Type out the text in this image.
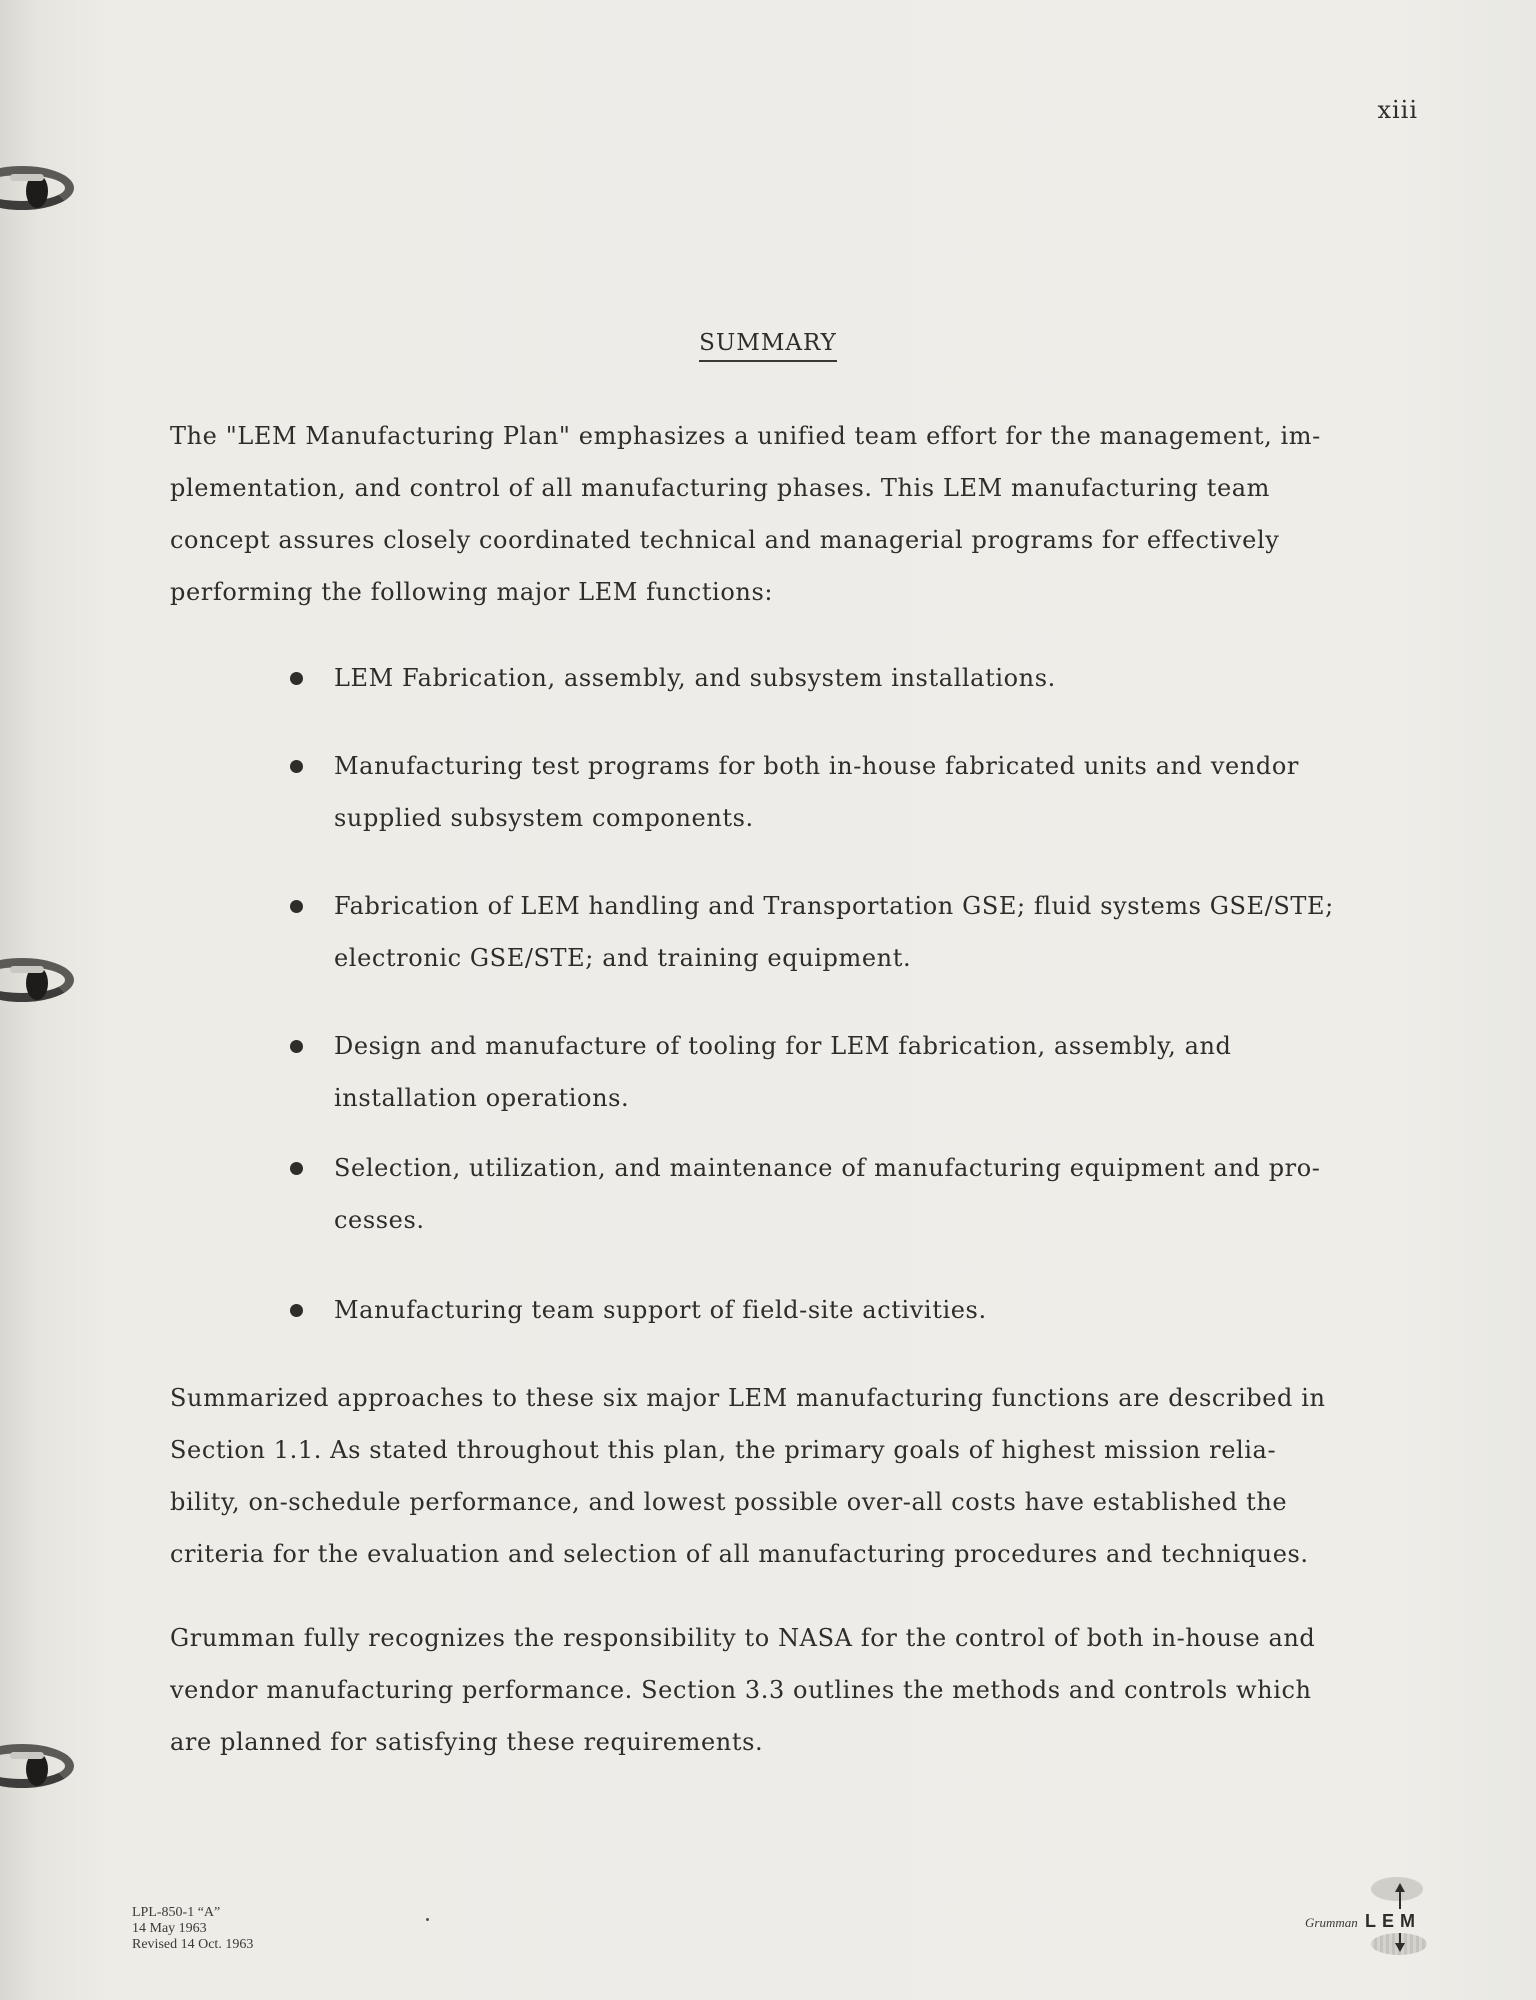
xiii
SUMMARY

The "LEM Manufacturing Plan" emphasizes a unified team effort for the management, im-
plementation, and control of all manufacturing phases. This LEM manufacturing team
concept assures closely coordinated technical and managerial programs for effectively
performing the following major LEM functions:

LEM Fabrication, assembly, and subsystem installations.
Manufacturing test programs for both in-house fabricated units and vendor
supplied subsystem components.
Fabrication of LEM handling and Transportation GSE; fluid systems GSE/STE;
electronic GSE/STE; and training equipment.
Design and manufacture of tooling for LEM fabrication, assembly, and
installation operations.
Selection, utilization, and maintenance of manufacturing equipment and pro-
cesses.
Manufacturing team support of field-site activities.

Summarized approaches to these six major LEM manufacturing functions are described in
Section 1.1. As stated throughout this plan, the primary goals of highest mission relia-
bility, on-schedule performance, and lowest possible over-all costs have established the
criteria for the evaluation and selection of all manufacturing procedures and techniques.

Grumman fully recognizes the responsibility to NASA for the control of both in-house and
vendor manufacturing performance. Section 3.3 outlines the methods and controls which
are planned for satisfying these requirements.

LPL-850-1 “A”
14 May 1963
Revised 14 Oct. 1963
Grumman LEM
